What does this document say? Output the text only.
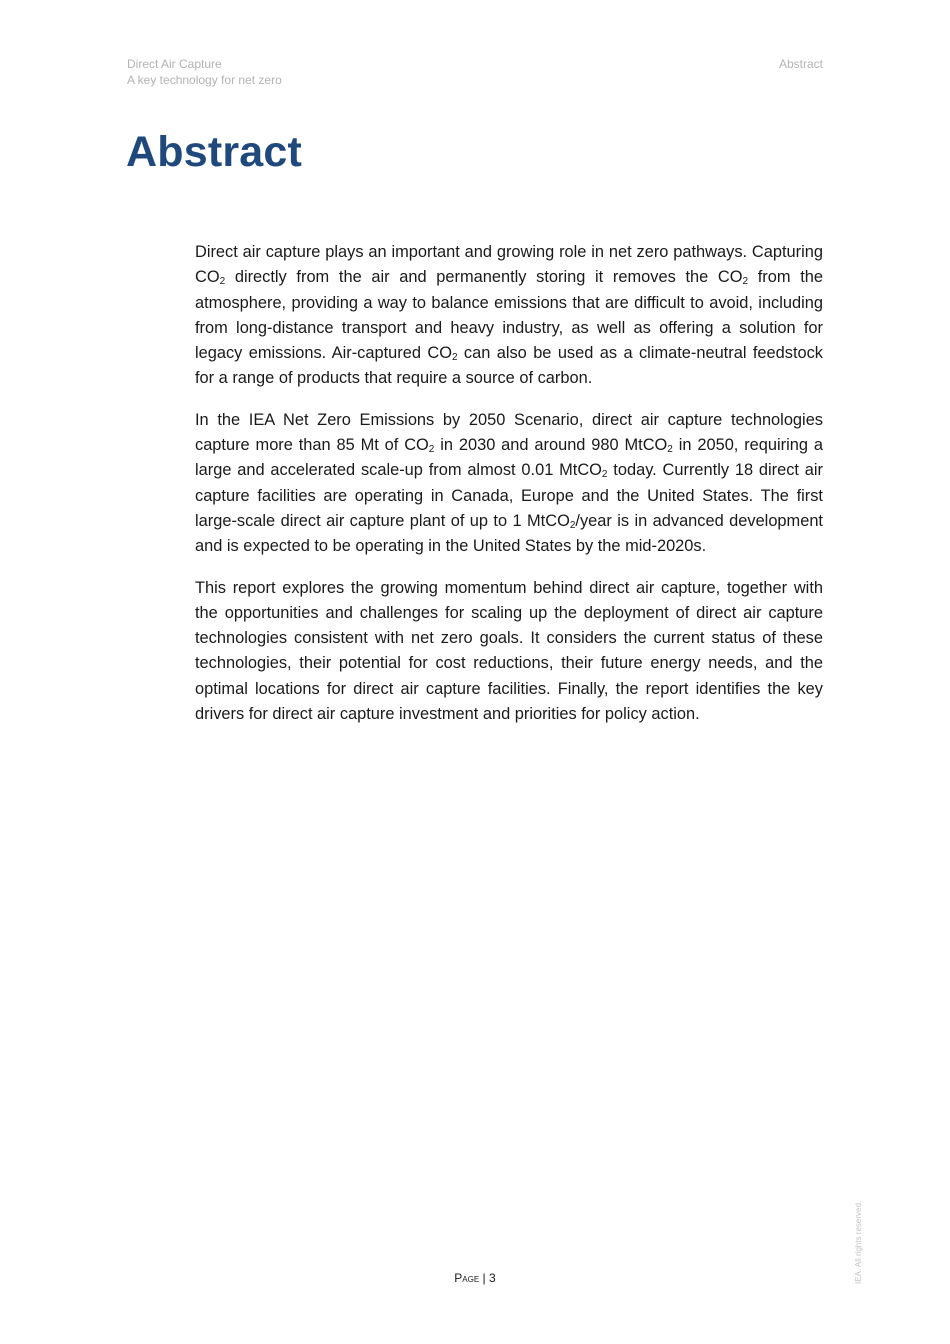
Direct Air Capture
A key technology for net zero
Abstract
Abstract

Direct air capture plays an important and growing role in net zero pathways. Capturing $CO_2$ directly from the air and permanently storing it removes the $CO_2$ from the atmosphere, providing a way to balance emissions that are difficult to avoid, including from long-distance transport and heavy industry, as well as offering a solution for legacy emissions. Air-captured $CO_2$ can also be used as a climate-neutral feedstock for a range of products that require a source of carbon.

In the IEA Net Zero Emissions by 2050 Scenario, direct air capture technologies capture more than 85 Mt of $CO_2$ in 2030 and around 980 MtCO$_2$ in 2050, requiring a large and accelerated scale-up from almost 0.01 MtCO$_2$ today. Currently 18 direct air capture facilities are operating in Canada, Europe and the United States. The first large-scale direct air capture plant of up to 1 MtCO$_2$/year is in advanced development and is expected to be operating in the United States by the mid-2020s.

This report explores the growing momentum behind direct air capture, together with the opportunities and challenges for scaling up the deployment of direct air capture technologies consistent with net zero goals. It considers the current status of these technologies, their potential for cost reductions, their future energy needs, and the optimal locations for direct air capture facilities. Finally, the report identifies the key drivers for direct air capture investment and priorities for policy action.

Page | 3	IEA. All rights reserved.
